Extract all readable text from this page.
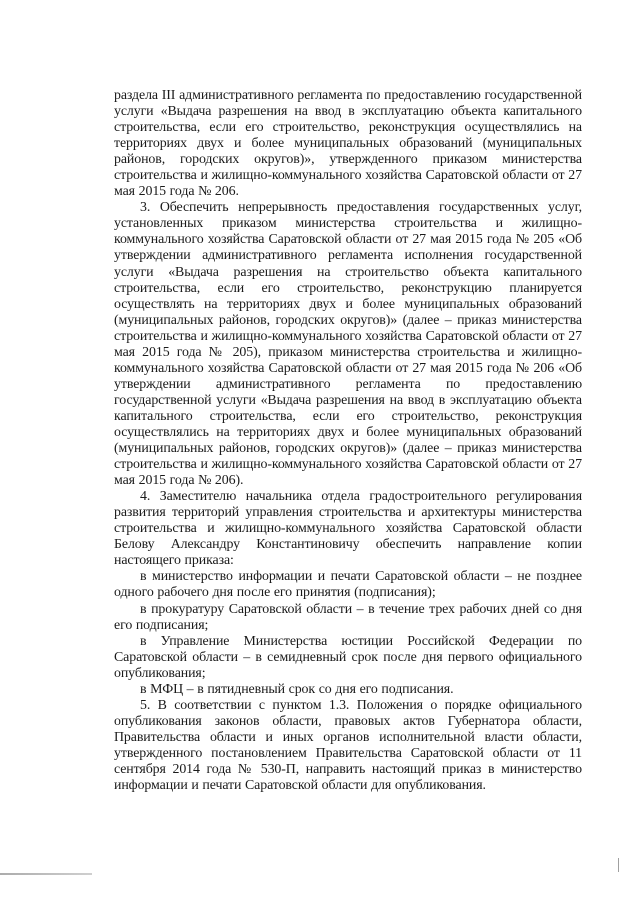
раздела III административного регламента по предоставлению государственной услуги «Выдача разрешения на ввод в эксплуатацию объекта капитального строительства, если его строительство, реконструкция осуществлялись на территориях двух и более муниципальных образований (муниципальных районов, городских округов)», утвержденного приказом министерства строительства и жилищно-коммунального хозяйства Саратовской области от 27 мая 2015 года № 206.

3. Обеспечить непрерывность предоставления государственных услуг, установленных приказом министерства строительства и жилищно-коммунального хозяйства Саратовской области от 27 мая 2015 года № 205 «Об утверждении административного регламента исполнения государственной услуги «Выдача разрешения на строительство объекта капитального строительства, если его строительство, реконструкцию планируется осуществлять на территориях двух и более муниципальных образований (муниципальных районов, городских округов)» (далее – приказ министерства строительства и жилищно-коммунального хозяйства Саратовской области от 27 мая 2015 года № 205), приказом министерства строительства и жилищно-коммунального хозяйства Саратовской области от 27 мая 2015 года № 206 «Об утверждении административного регламента по предоставлению государственной услуги «Выдача разрешения на ввод в эксплуатацию объекта капитального строительства, если его строительство, реконструкция осуществлялись на территориях двух и более муниципальных образований (муниципальных районов, городских округов)» (далее – приказ министерства строительства и жилищно-коммунального хозяйства Саратовской области от 27 мая 2015 года № 206).

4. Заместителю начальника отдела градостроительного регулирования развития территорий управления строительства и архитектуры министерства строительства и жилищно-коммунального хозяйства Саратовской области Белову Александру Константиновичу обеспечить направление копии настоящего приказа:

в министерство информации и печати Саратовской области – не позднее одного рабочего дня после его принятия (подписания);

в прокуратуру Саратовской области – в течение трех рабочих дней со дня его подписания;

в Управление Министерства юстиции Российской Федерации по Саратовской области – в семидневный срок после дня первого официального опубликования;

в МФЦ – в пятидневный срок со дня его подписания.

5. В соответствии с пунктом 1.3. Положения о порядке официального опубликования законов области, правовых актов Губернатора области, Правительства области и иных органов исполнительной власти области, утвержденного постановлением Правительства Саратовской области от 11 сентября 2014 года № 530-П, направить настоящий приказ в министерство информации и печати Саратовской области для опубликования.
